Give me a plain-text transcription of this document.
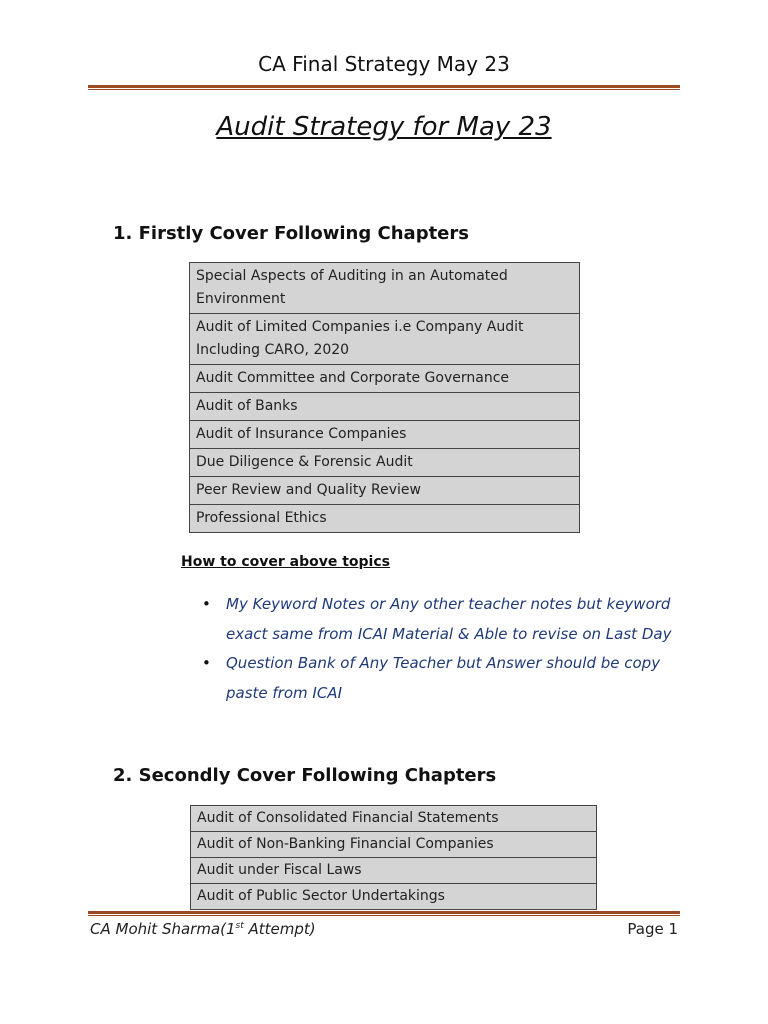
CA Final Strategy May 23
Audit Strategy for May 23
1. Firstly Cover Following Chapters
Special Aspects of Auditing in an Automated Environment
Audit of Limited Companies i.e Company Audit Including CARO, 2020
Audit Committee and Corporate Governance
Audit of Banks
Audit of Insurance Companies
Due Diligence & Forensic Audit
Peer Review and Quality Review
Professional Ethics
How to cover above topics
• My Keyword Notes or Any other teacher notes but keyword exact same from ICAI Material & Able to revise on Last Day
• Question Bank of Any Teacher but Answer should be copy paste from ICAI
2. Secondly Cover Following Chapters
Audit of Consolidated Financial Statements
Audit of Non-Banking Financial Companies
Audit under Fiscal Laws
Audit of Public Sector Undertakings
CA Mohit Sharma(1st Attempt)	Page 1
